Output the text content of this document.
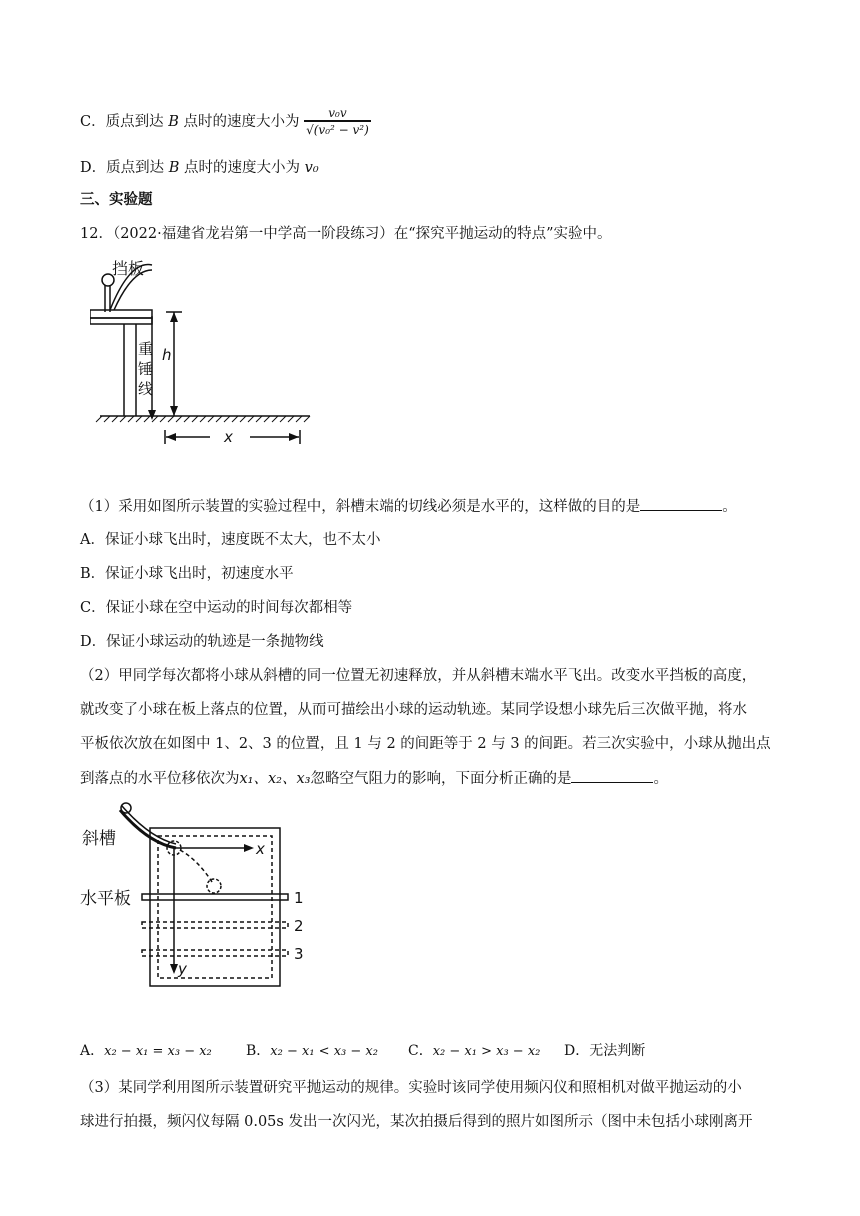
C．质点到达 B 点时的速度大小为 $\frac{\text{v₀v}}{\text{√(v₀² − v²)}}$
D．质点到达 B 点时的速度大小为 v₀
三、实验题
12．（2022·福建省龙岩第一中学高一阶段练习）在“探究平抛运动的特点”实验中。
挡板
h
重
锤
线
x
（1）采用如图所示装置的实验过程中，斜槽末端的切线必须是水平的，这样做的目的是	。
A．保证小球飞出时，速度既不太大，也不太小
B．保证小球飞出时，初速度水平
C．保证小球在空中运动的时间每次都相等
D．保证小球运动的轨迹是一条抛物线
（2）甲同学每次都将小球从斜槽的同一位置无初速释放，并从斜槽末端水平飞出。改变水平挡板的高度，
就改变了小球在板上落点的位置，从而可描绘出小球的运动轨迹。某同学设想小球先后三次做平抛，将水
平板依次放在如图中 1、2、3 的位置，且 1 与 2 的间距等于 2 与 3 的间距。若三次实验中，小球从抛出点
到落点的水平位移依次为x₁、x₂、x₃忽略空气阻力的影响，下面分析正确的是	。
斜槽
水平板
x
y
1
2
3
A．x₂ − x₁ = x₃ − x₂ B．x₂ − x₁ < x₃ − x₂ C．x₂ − x₁ > x₃ − x₂ D．无法判断
（3）某同学利用图所示装置研究平抛运动的规律。实验时该同学使用频闪仪和照相机对做平抛运动的小
球进行拍摄，频闪仪每隔 0.05s 发出一次闪光，某次拍摄后得到的照片如图所示（图中未包括小球刚离开
